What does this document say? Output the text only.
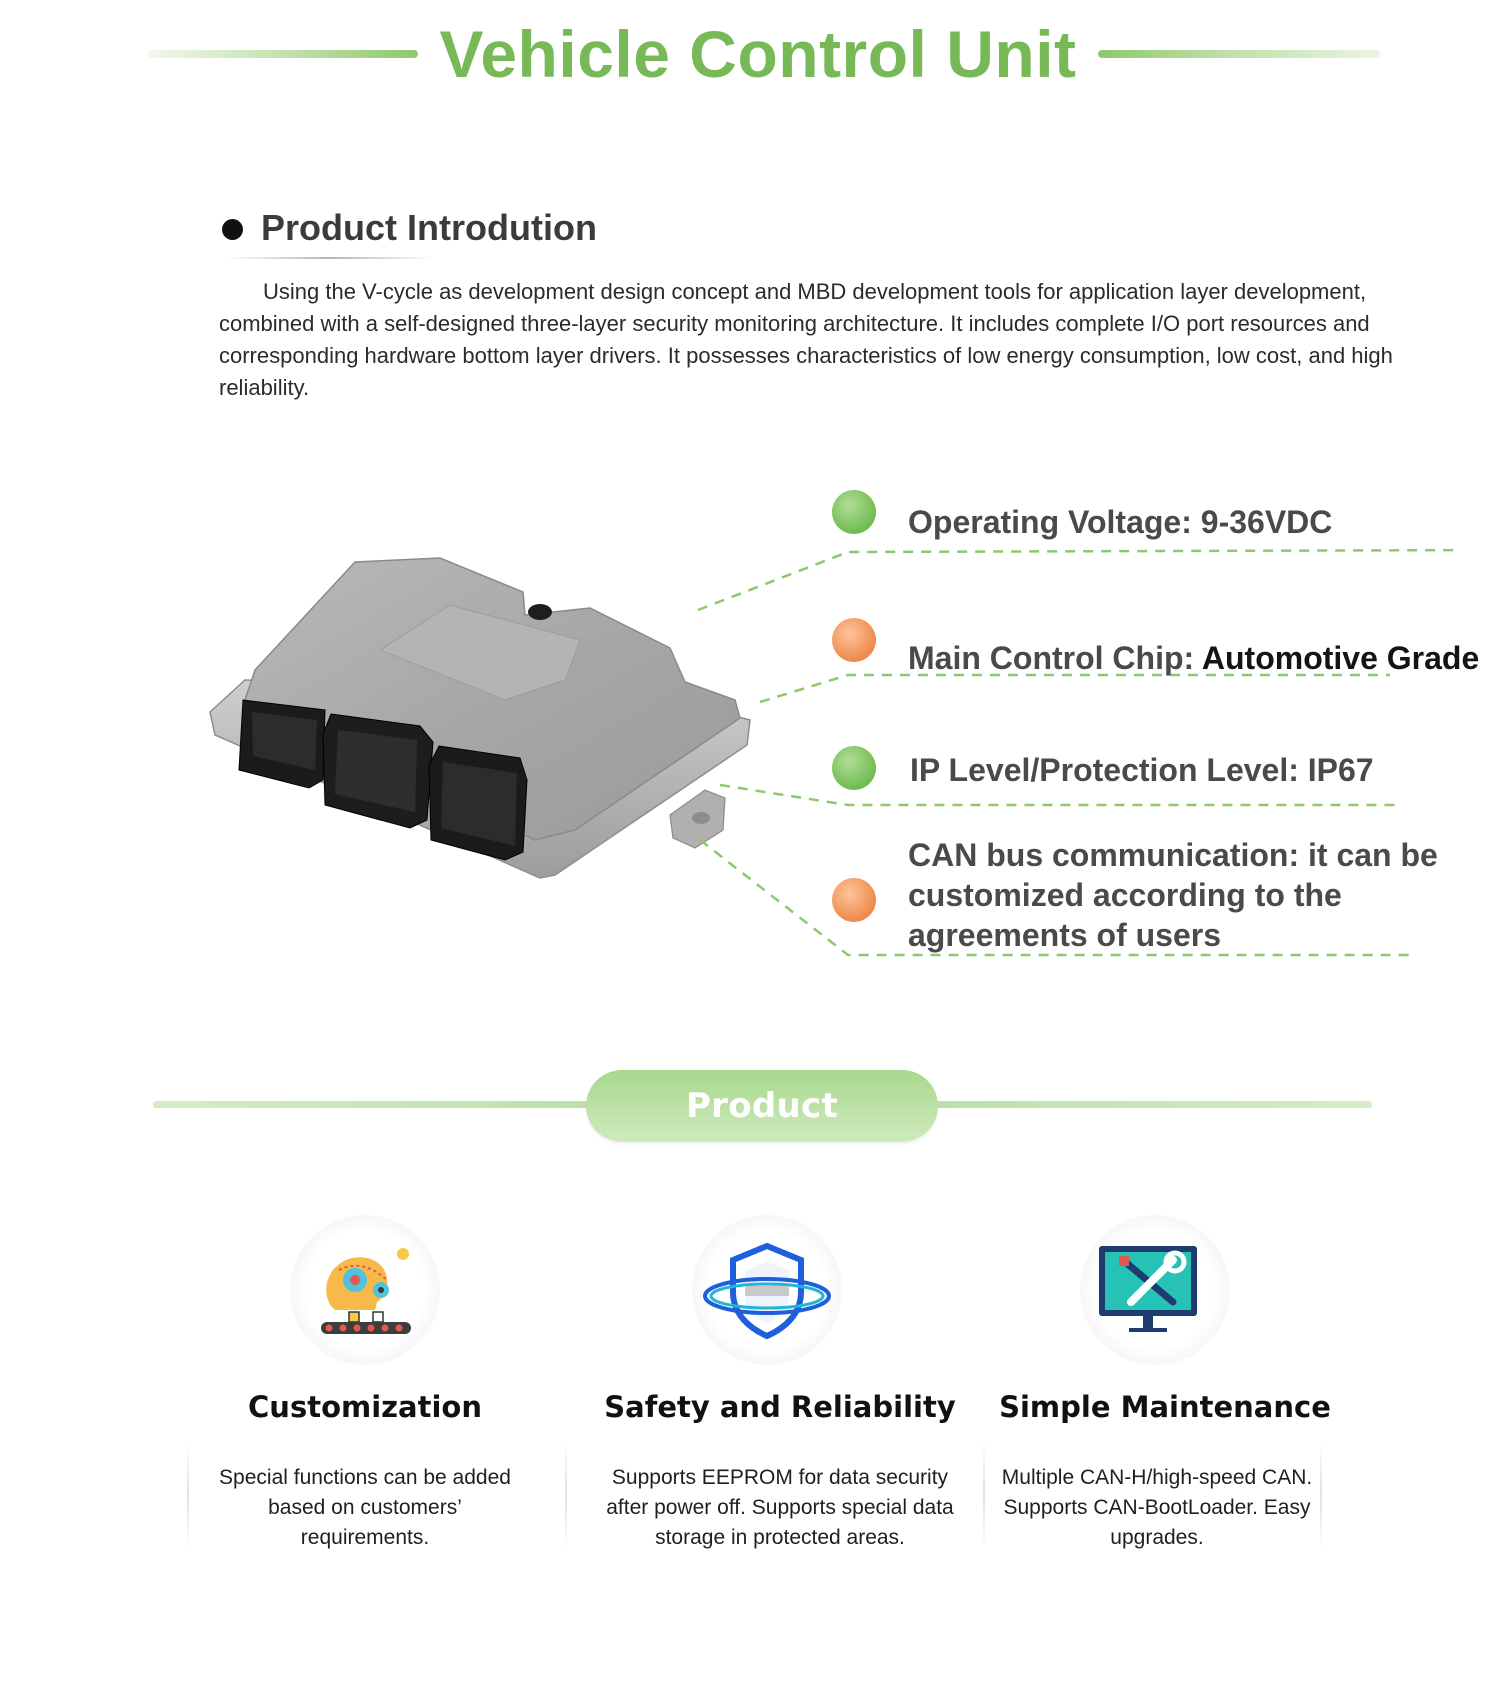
Vehicle Control Unit
Product Introdution

Using the V-cycle as development design concept and MBD development tools for application layer development, combined with a self-designed three-layer security monitoring architecture. It includes complete I/O port resources and corresponding hardware bottom layer drivers. It possesses characteristics of low energy consumption, low cost, and high reliability.

Operating Voltage: 9-36VDC
Main Control Chip: Automotive Grade
IP Level/Protection Level: IP67
CAN bus communication: it can be
customized according to the
agreements of users
Product Advantage
Customization
Special functions can be added
based on customers’
requirements.
Safety and Reliability
Supports EEPROM for data security
after power off. Supports special data
storage in protected areas.
Simple Maintenance
Multiple CAN-H/high-speed CAN.
Supports CAN-BootLoader. Easy
upgrades.
